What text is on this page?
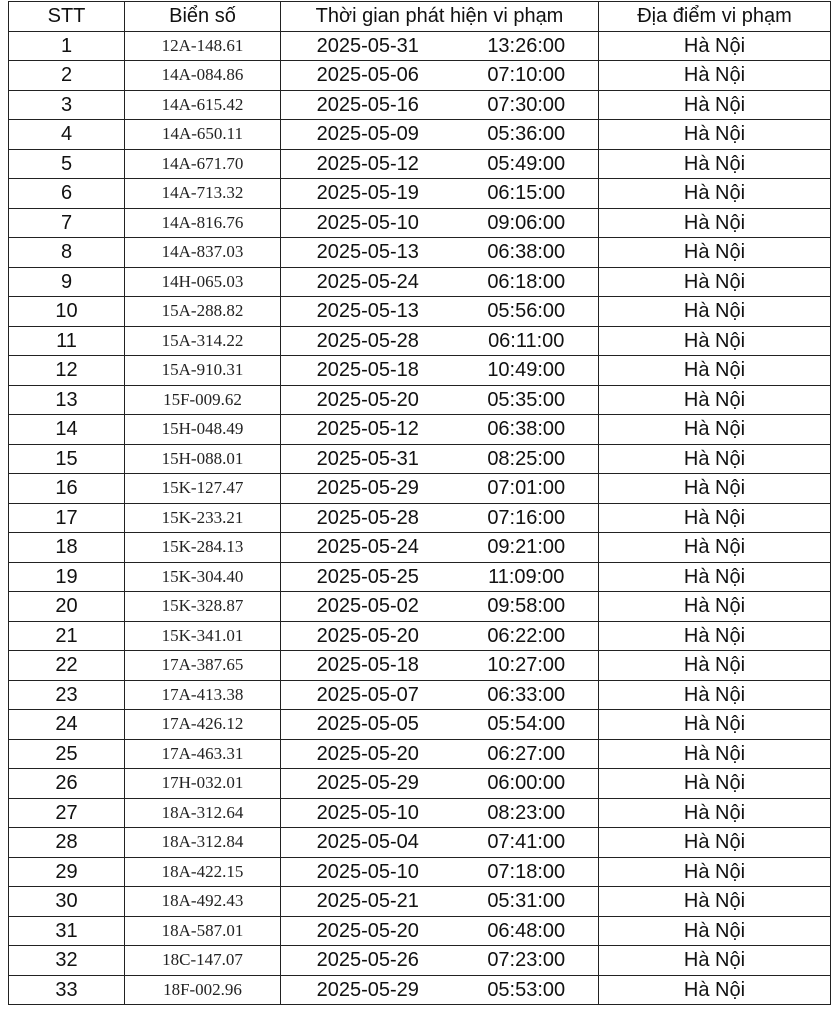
STT	Biển số	Thời gian phát hiện vi phạm		Địa điểm vi phạm
1	12A-148.61	2025-05-31	13:26:00	Hà Nội
2	14A-084.86	2025-05-06	07:10:00	Hà Nội
3	14A-615.42	2025-05-16	07:30:00	Hà Nội
4	14A-650.11	2025-05-09	05:36:00	Hà Nội
5	14A-671.70	2025-05-12	05:49:00	Hà Nội
6	14A-713.32	2025-05-19	06:15:00	Hà Nội
7	14A-816.76	2025-05-10	09:06:00	Hà Nội
8	14A-837.03	2025-05-13	06:38:00	Hà Nội
9	14H-065.03	2025-05-24	06:18:00	Hà Nội
10	15A-288.82	2025-05-13	05:56:00	Hà Nội
11	15A-314.22	2025-05-28	06:11:00	Hà Nội
12	15A-910.31	2025-05-18	10:49:00	Hà Nội
13	15F-009.62	2025-05-20	05:35:00	Hà Nội
14	15H-048.49	2025-05-12	06:38:00	Hà Nội
15	15H-088.01	2025-05-31	08:25:00	Hà Nội
16	15K-127.47	2025-05-29	07:01:00	Hà Nội
17	15K-233.21	2025-05-28	07:16:00	Hà Nội
18	15K-284.13	2025-05-24	09:21:00	Hà Nội
19	15K-304.40	2025-05-25	11:09:00	Hà Nội
20	15K-328.87	2025-05-02	09:58:00	Hà Nội
21	15K-341.01	2025-05-20	06:22:00	Hà Nội
22	17A-387.65	2025-05-18	10:27:00	Hà Nội
23	17A-413.38	2025-05-07	06:33:00	Hà Nội
24	17A-426.12	2025-05-05	05:54:00	Hà Nội
25	17A-463.31	2025-05-20	06:27:00	Hà Nội
26	17H-032.01	2025-05-29	06:00:00	Hà Nội
27	18A-312.64	2025-05-10	08:23:00	Hà Nội
28	18A-312.84	2025-05-04	07:41:00	Hà Nội
29	18A-422.15	2025-05-10	07:18:00	Hà Nội
30	18A-492.43	2025-05-21	05:31:00	Hà Nội
31	18A-587.01	2025-05-20	06:48:00	Hà Nội
32	18C-147.07	2025-05-26	07:23:00	Hà Nội
33	18F-002.96	2025-05-29	05:53:00	Hà Nội
